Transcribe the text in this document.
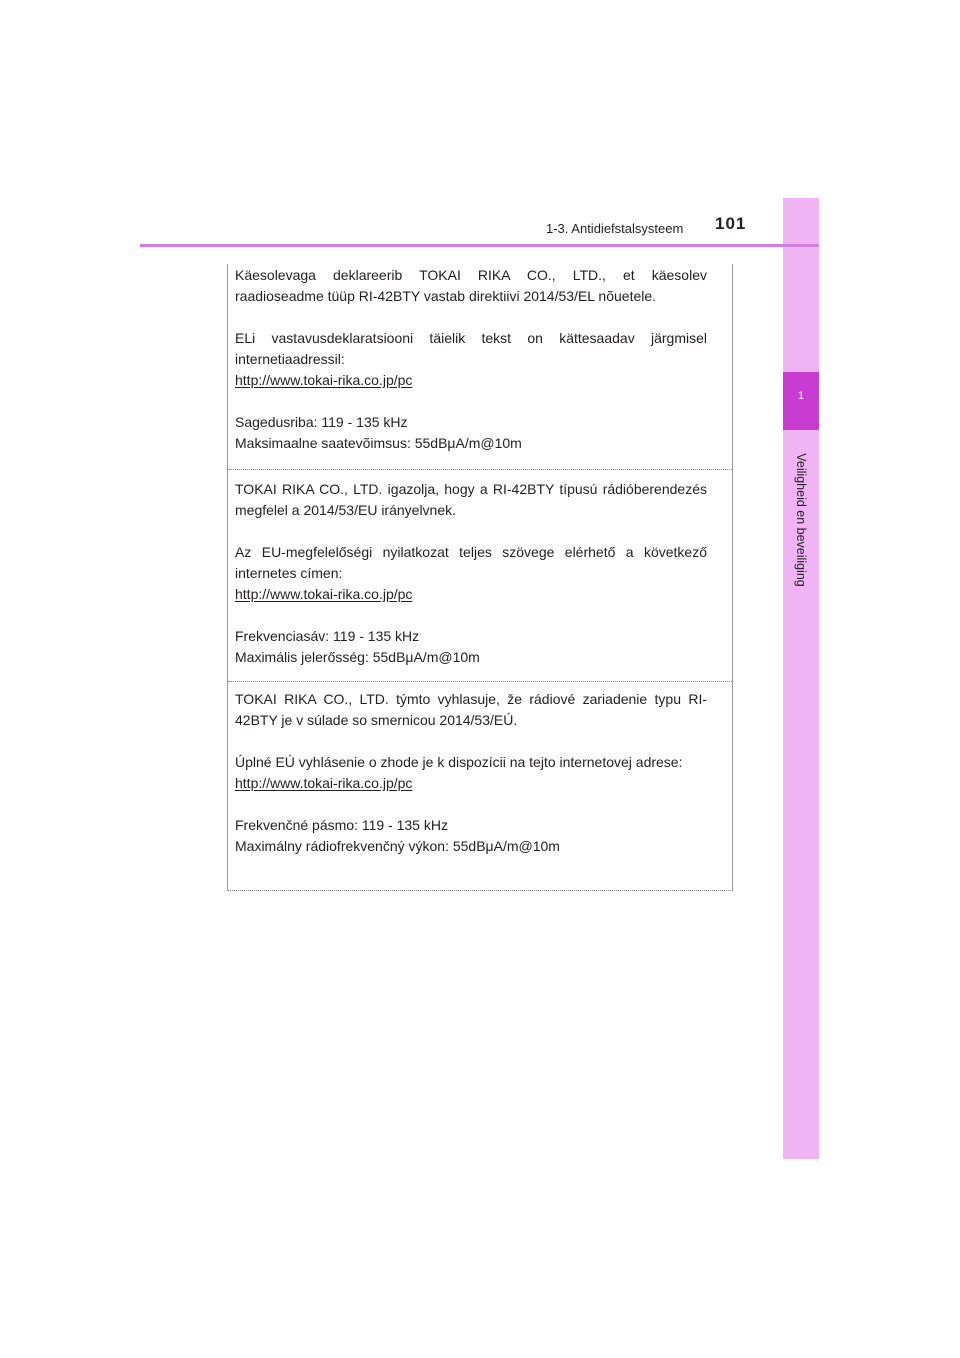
1
Veiligheid en beveiliging
1-3. Antidiefstalsysteem 101

Käesolevaga deklareerib TOKAI RIKA CO., LTD., et käesolev raadioseadme tüüp RI-42BTY vastab direktiivi 2014/53/EL nõuetele.

ELi vastavusdeklaratsiooni täielik tekst on kättesaadav järgmisel internetiaadressil:
http://www.tokai-rika.co.jp/pc

Sagedusriba: 119 - 135 kHz
Maksimaalne saatevõimsus: 55dBμA/m@10m

TOKAI RIKA CO., LTD. igazolja, hogy a RI-42BTY típusú rádióberendezés megfelel a 2014/53/EU irányelvnek.

Az EU-megfelelőségi nyilatkozat teljes szövege elérhető a következő internetes címen:
http://www.tokai-rika.co.jp/pc

Frekvenciasáv: 119 - 135 kHz
Maximális jelerősség: 55dBμA/m@10m

TOKAI RIKA CO., LTD. týmto vyhlasuje, že rádiové zariadenie typu RI-42BTY je v súlade so smernicou 2014/53/EÚ.

Úplné EÚ vyhlásenie o zhode je k dispozícii na tejto internetovej adrese:
http://www.tokai-rika.co.jp/pc

Frekvenčné pásmo: 119 - 135 kHz
Maximálny rádiofrekvenčný výkon: 55dBμA/m@10m
